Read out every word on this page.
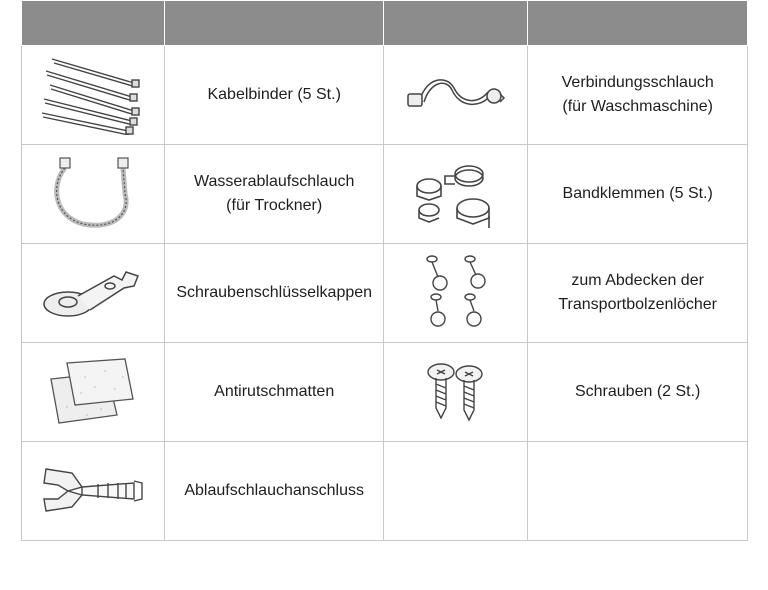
	Kabelbinder (5 St.)		Verbindungsschlauch
(für Waschmaschine)

Wasserablaufschlauch
(für Trockner)		Bandklemmen (5 St.)

	Schraubenschlüsselkappen		zum Abdecken der
Transportbolzenlöcher

	Antirutschmatten		Schrauben (2 St.)

	Ablaufschlauchanschluss		
